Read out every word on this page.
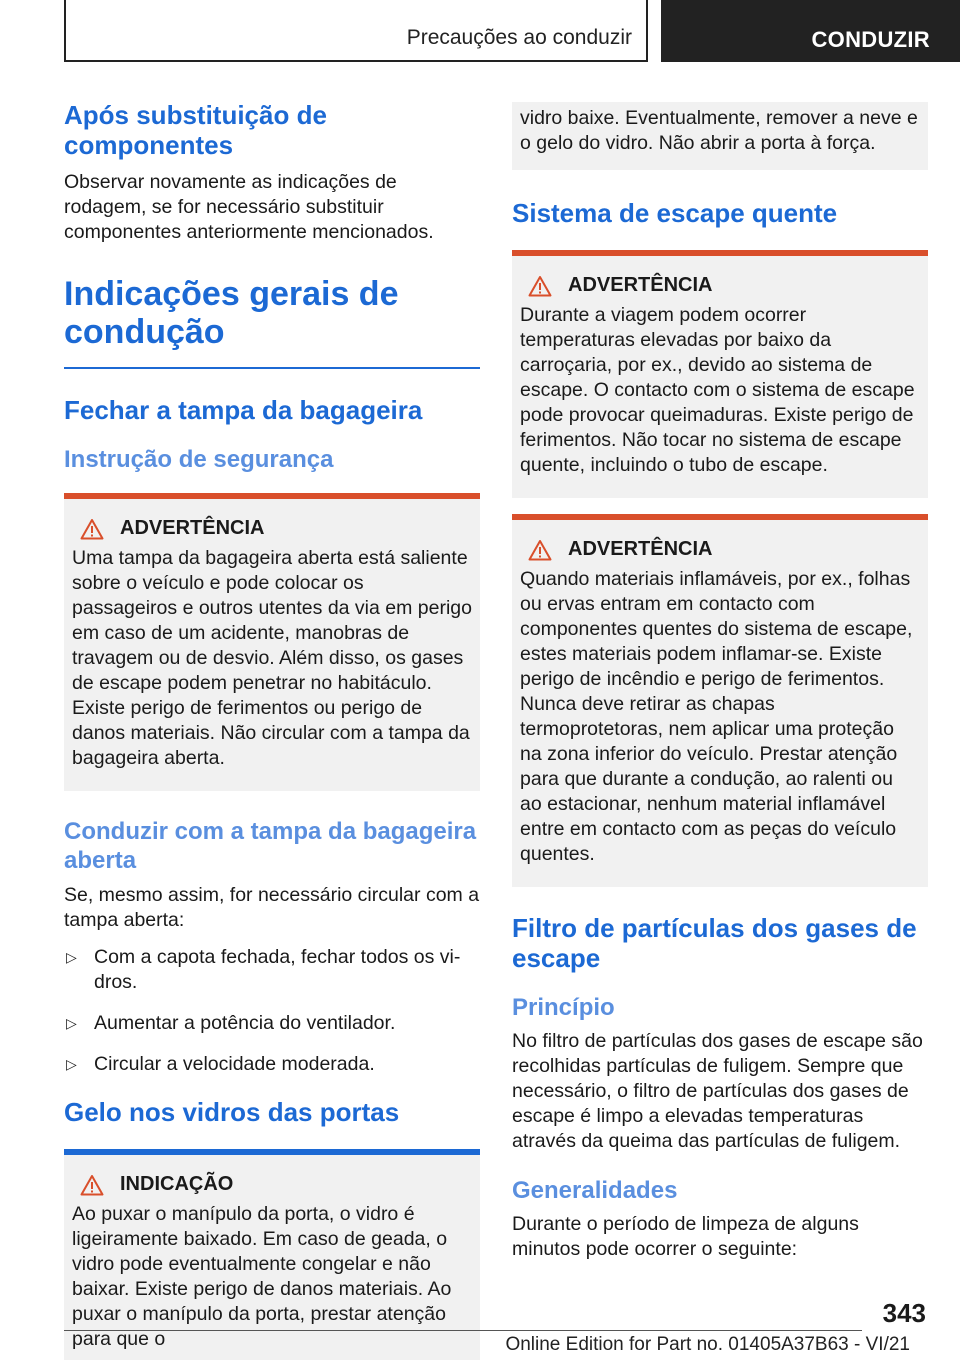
Precauções ao conduzir	CONDUZIR
Após substituição de componentes

Observar novamente as indicações de rodagem, se for necessário substituir componentes anteriormente mencionados.

Indicações gerais de condução
Fechar a tampa da bagageira
Instrução de segurança
ADVERTÊNCIA

Uma tampa da bagageira aberta está saliente sobre o veículo e pode colocar os passageiros e outros utentes da via em perigo em caso de um acidente, manobras de travagem ou de desvio. Além disso, os gases de escape podem penetrar no habitáculo. Existe perigo de ferimentos ou perigo de danos materiais. Não circular com a tampa da bagageira aberta.

Conduzir com a tampa da bagageira aberta

Se, mesmo assim, for necessário circular com a tampa aberta:

▷ Com a capota fechada, fechar todos os vidros.
▷ Aumentar a potência do ventilador.
▷ Circular a velocidade moderada.
Gelo nos vidros das portas
INDICAÇÃO

Ao puxar o manípulo da porta, o vidro é ligeiramente baixado. Em caso de geada, o vidro pode eventualmente congelar e não baixar. Existe perigo de danos materiais. Ao puxar o manípulo da porta, prestar atenção para que o

vidro baixe. Eventualmente, remover a neve e o gelo do vidro. Não abrir a porta à força.

Sistema de escape quente
ADVERTÊNCIA

Durante a viagem podem ocorrer temperaturas elevadas por baixo da carroçaria, por ex., devido ao sistema de escape. O contacto com o sistema de escape pode provocar queimaduras. Existe perigo de ferimentos. Não tocar no sistema de escape quente, incluindo o tubo de escape.

ADVERTÊNCIA

Quando materiais inflamáveis, por ex., folhas ou ervas entram em contacto com componentes quentes do sistema de escape, estes materiais podem inflamar-se. Existe perigo de incêndio e perigo de ferimentos. Nunca deve retirar as chapas termoprotetoras, nem aplicar uma proteção na zona inferior do veículo. Prestar atenção para que durante a condução, ao ralenti ou ao estacionar, nenhum material inflamável entre em contacto com as peças do veículo quentes.

Filtro de partículas dos gases de escape
Princípio

No filtro de partículas dos gases de escape são recolhidas partículas de fuligem. Sempre que necessário, o filtro de partículas dos gases de escape é limpo a elevadas temperaturas através da queima das partículas de fuligem.

Generalidades

Durante o período de limpeza de alguns minutos pode ocorrer o seguinte:

343
Online Edition for Part no. 01405A37B63 - VI/21
